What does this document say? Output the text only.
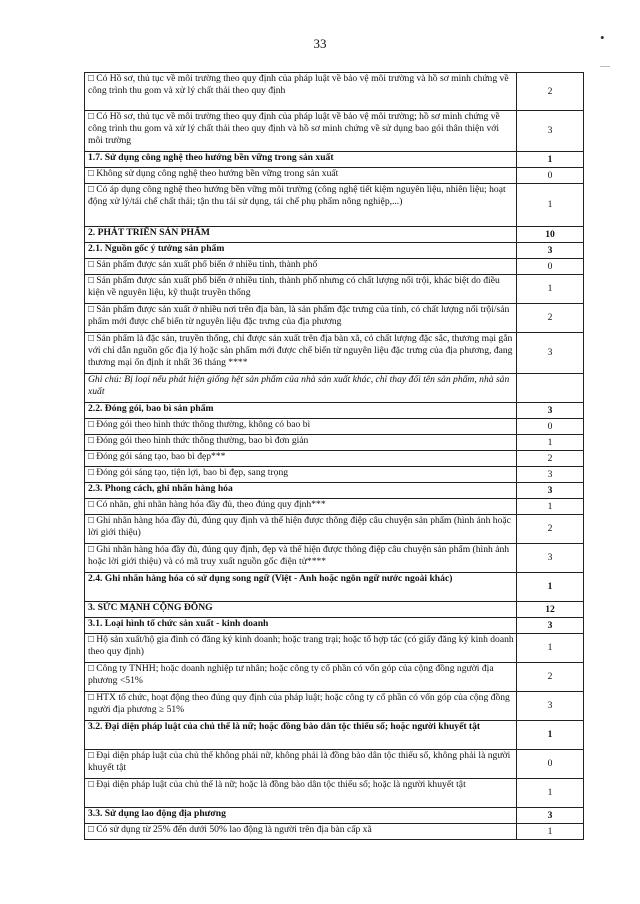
33	•
□ Có Hồ sơ, thủ tục về môi trường theo quy định của pháp luật về bảo vệ môi trường và hồ sơ minh chứng về công trình thu gom và xử lý chất thải theo quy định	2
□ Có Hồ sơ, thủ tục về môi trường theo quy định của pháp luật về bảo vệ môi trường; hồ sơ minh chứng về công trình thu gom và xử lý chất thải theo quy định và hồ sơ minh chứng về sử dụng bao gói thân thiện với môi trường	3
1.7. Sử dụng công nghệ theo hướng bền vững trong sản xuất	1
□ Không sử dụng công nghệ theo hướng bền vững trong sản xuất	0
□ Có áp dụng công nghệ theo hướng bền vững môi trường (công nghệ tiết kiệm nguyên liệu, nhiên liệu; hoạt động xử lý/tái chế chất thải; tận thu tái sử dụng, tái chế phụ phẩm nông nghiệp,...)	1
2. PHÁT TRIỂN SẢN PHẨM	10
2.1. Nguồn gốc ý tưởng sản phẩm	3
□ Sản phẩm được sản xuất phổ biến ở nhiều tỉnh, thành phố	0
□ Sản phẩm được sản xuất phổ biến ở nhiều tỉnh, thành phố nhưng có chất lượng nổi trội, khác biệt do điều kiện về nguyên liệu, kỹ thuật truyền thống	1
□ Sản phẩm được sản xuất ở nhiều nơi trên địa bàn, là sản phẩm đặc trưng của tỉnh, có chất lượng nổi trội/sản phẩm mới được chế biến từ nguyên liệu đặc trưng của địa phương	2
□ Sản phẩm là đặc sản, truyền thống, chỉ được sản xuất trên địa bàn xã, có chất lượng đặc sắc, thương mại gắn với chỉ dẫn nguồn gốc địa lý hoặc sản phẩm mới được chế biến từ nguyên liệu đặc trưng của địa phương, đang thương mại ổn định ít nhất 36 tháng ****	3
Ghi chú: Bị loại nếu phát hiện giống hệt sản phẩm của nhà sản xuất khác, chỉ thay đổi tên sản phẩm, nhà sản xuất	
2.2. Đóng gói, bao bì sản phẩm	3
□ Đóng gói theo hình thức thông thường, không có bao bì	0
□ Đóng gói theo hình thức thông thường, bao bì đơn giản	1
□ Đóng gói sáng tạo, bao bì đẹp***	2
□ Đóng gói sáng tạo, tiện lợi, bao bì đẹp, sang trọng	3
2.3. Phong cách, ghi nhãn hàng hóa	3
□ Có nhãn, ghi nhãn hàng hóa đầy đủ, theo đúng quy định***	1
□ Ghi nhãn hàng hóa đầy đủ, đúng quy định và thể hiện được thông điệp câu chuyện sản phẩm (hình ảnh hoặc lời giới thiệu)	2
□ Ghi nhãn hàng hóa đầy đủ, đúng quy định, đẹp và thể hiện được thông điệp câu chuyện sản phẩm (hình ảnh hoặc lời giới thiệu) và có mã truy xuất nguồn gốc điện tử****	3
2.4. Ghi nhãn hàng hóa có sử dụng song ngữ (Việt - Anh hoặc ngôn ngữ nước ngoài khác)	1
3. SỨC MẠNH CỘNG ĐỒNG	12
3.1. Loại hình tổ chức sản xuất - kinh doanh	3
□ Hộ sản xuất/hộ gia đình có đăng ký kinh doanh; hoặc trang trại; hoặc tổ hợp tác (có giấy đăng ký kinh doanh theo quy định)	1
□ Công ty TNHH; hoặc doanh nghiệp tư nhân; hoặc công ty cổ phần có vốn góp của cộng đồng người địa phương <51%	2
□ HTX tổ chức, hoạt động theo đúng quy định của pháp luật; hoặc công ty cổ phần có vốn góp của cộng đồng người địa phương ≥ 51%	3
3.2. Đại diện pháp luật của chủ thể là nữ; hoặc đồng bào dân tộc thiểu số; hoặc người khuyết tật	1
□ Đại diện pháp luật của chủ thể không phải nữ, không phải là đồng bào dân tộc thiểu số, không phải là người khuyết tật	0
□ Đại diện pháp luật của chủ thể là nữ; hoặc là đồng bào dân tộc thiểu số; hoặc là người khuyết tật	1
3.3. Sử dụng lao động địa phương	3
□ Có sử dụng từ 25% đến dưới 50% lao động là người trên địa bàn cấp xã	1
